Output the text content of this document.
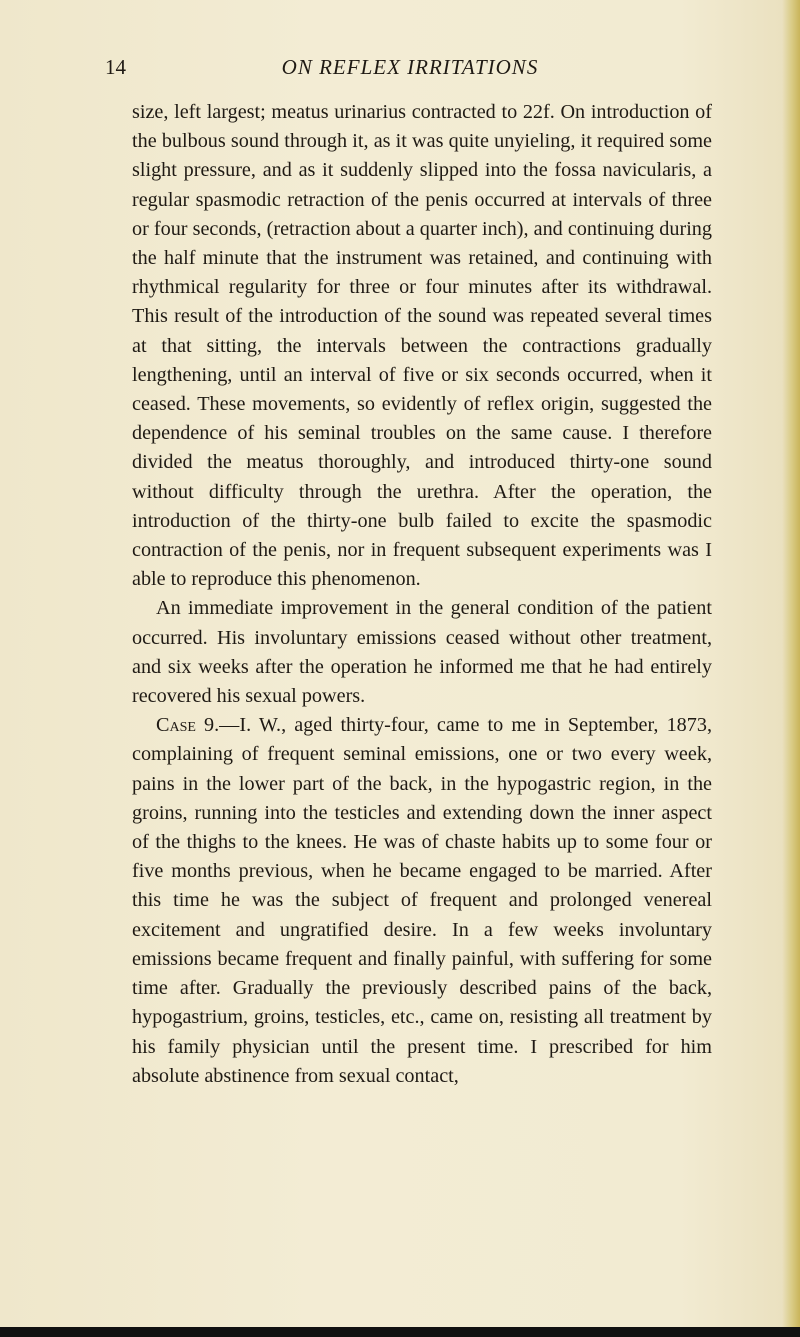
14	ON REFLEX IRRITATIONS

size, left largest; meatus urinarius contracted to 22f. On introduction of the bulbous sound through it, as it was quite unyieling, it required some slight pressure, and as it suddenly slipped into the fossa navicularis, a regular spasmodic retraction of the penis occurred at intervals of three or four seconds, (retraction about a quarter inch), and continuing during the half minute that the instrument was retained, and continuing with rhythmical regularity for three or four minutes after its withdrawal. This result of the introduction of the sound was repeated several times at that sitting, the intervals between the contractions gradually lengthening, until an interval of five or six seconds occurred, when it ceased. These movements, so evidently of reflex origin, suggested the dependence of his seminal troubles on the same cause. I therefore divided the meatus thoroughly, and introduced thirty-one sound without difficulty through the urethra. After the operation, the introduction of the thirty-one bulb failed to excite the spasmodic contraction of the penis, nor in frequent subsequent experiments was I able to reproduce this phenomenon.

An immediate improvement in the general condition of the patient occurred. His involuntary emissions ceased without other treatment, and six weeks after the operation he informed me that he had entirely recovered his sexual powers.

Case 9.—I. W., aged thirty-four, came to me in September, 1873, complaining of frequent seminal emissions, one or two every week, pains in the lower part of the back, in the hypogastric region, in the groins, running into the testicles and extending down the inner aspect of the thighs to the knees. He was of chaste habits up to some four or five months previous, when he became engaged to be married. After this time he was the subject of frequent and prolonged venereal excitement and ungratified desire. In a few weeks involuntary emissions became frequent and finally painful, with suffering for some time after. Gradually the previously described pains of the back, hypogastrium, groins, testicles, etc., came on, resisting all treatment by his family physician until the present time. I prescribed for him absolute abstinence from sexual contact,
